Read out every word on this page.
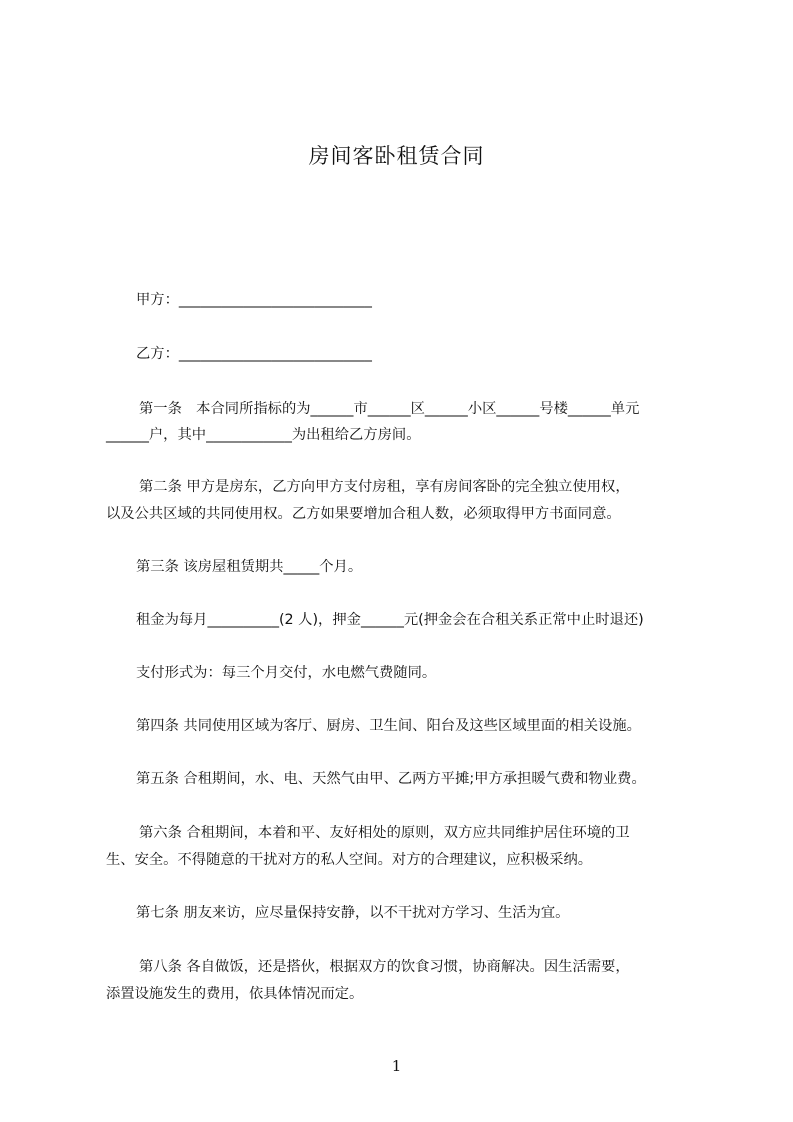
房间客卧租赁合同
甲方：___________________________
乙方：___________________________
第一条　本合同所指标的为______市______区______小区______号楼______单元
______户，其中____________为出租给乙方房间。
第二条 甲方是房东，乙方向甲方支付房租，享有房间客卧的完全独立使用权，
以及公共区域的共同使用权。乙方如果要增加合租人数，必须取得甲方书面同意。
第三条 该房屋租赁期共_____个月。
租金为每月__________(2 人)，押金______元(押金会在合租关系正常中止时退还)
支付形式为：每三个月交付，水电燃气费随同。
第四条 共同使用区域为客厅、厨房、卫生间、阳台及这些区域里面的相关设施。
第五条 合租期间，水、电、天然气由甲、乙两方平摊;甲方承担暖气费和物业费。
第六条 合租期间，本着和平、友好相处的原则，双方应共同维护居住环境的卫
生、安全。不得随意的干扰对方的私人空间。对方的合理建议，应积极采纳。
第七条 朋友来访，应尽量保持安静，以不干扰对方学习、生活为宜。
第八条 各自做饭，还是搭伙，根据双方的饮食习惯，协商解决。因生活需要，
添置设施发生的费用，依具体情况而定。
1
